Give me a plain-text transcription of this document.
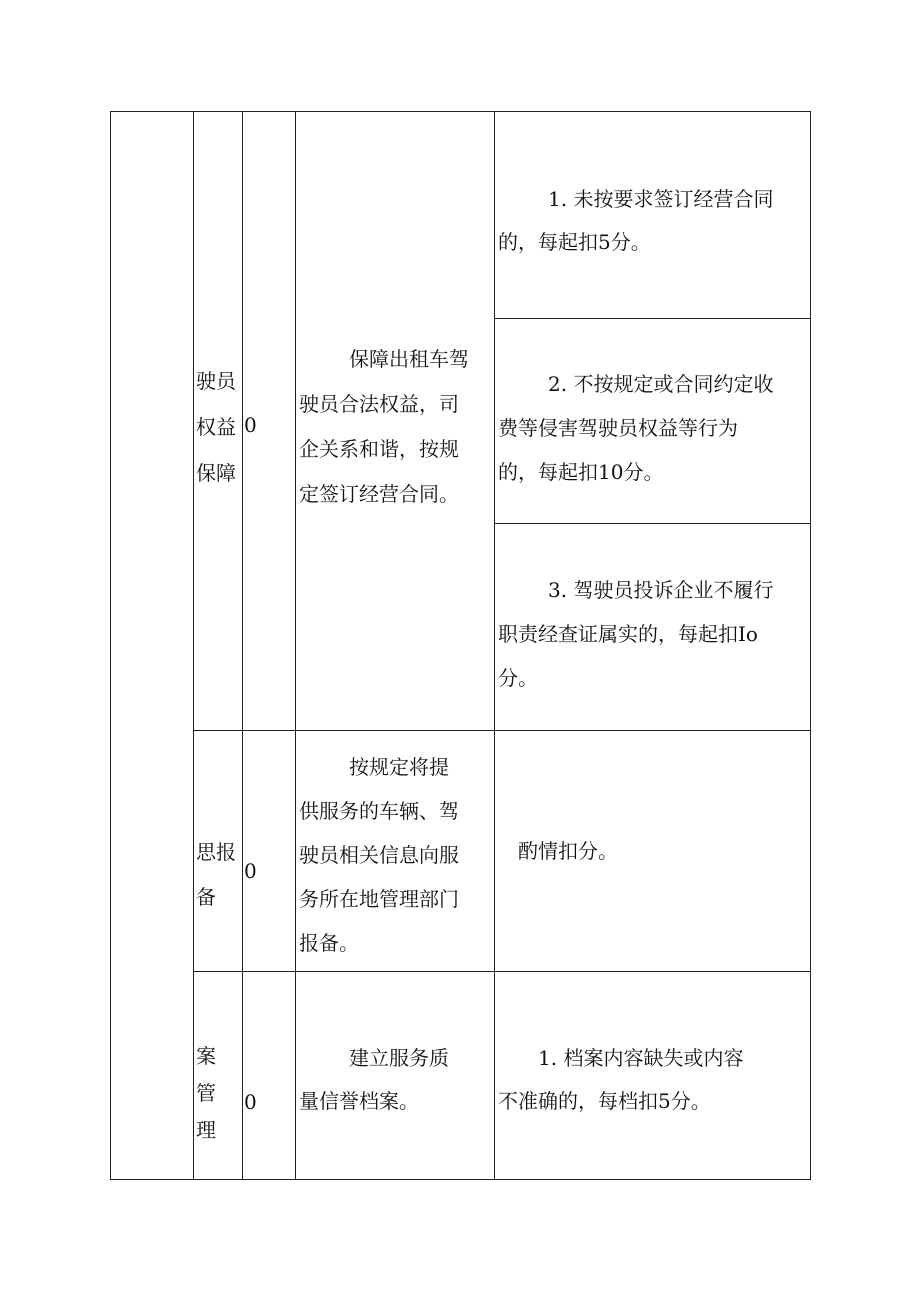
驶员
权益
保障
0
保障出租车驾
驶员合法权益，司
企关系和谐，按规
定签订经营合同。
1. 未按要求签订经营合同
的，每起扣5分。
2. 不按规定或合同约定收
费等侵害驾驶员权益等行为
的，每起扣10分。
3. 驾驶员投诉企业不履行
职责经查证属实的，每起扣Io
分。
思报
备
0
按规定将提
供服务的车辆、驾
驶员相关信息向服
务所在地管理部门
报备。
酌情扣分。
案
管
理
0
建立服务质
量信誉档案。
1. 档案内容缺失或内容
不准确的，每档扣5分。
